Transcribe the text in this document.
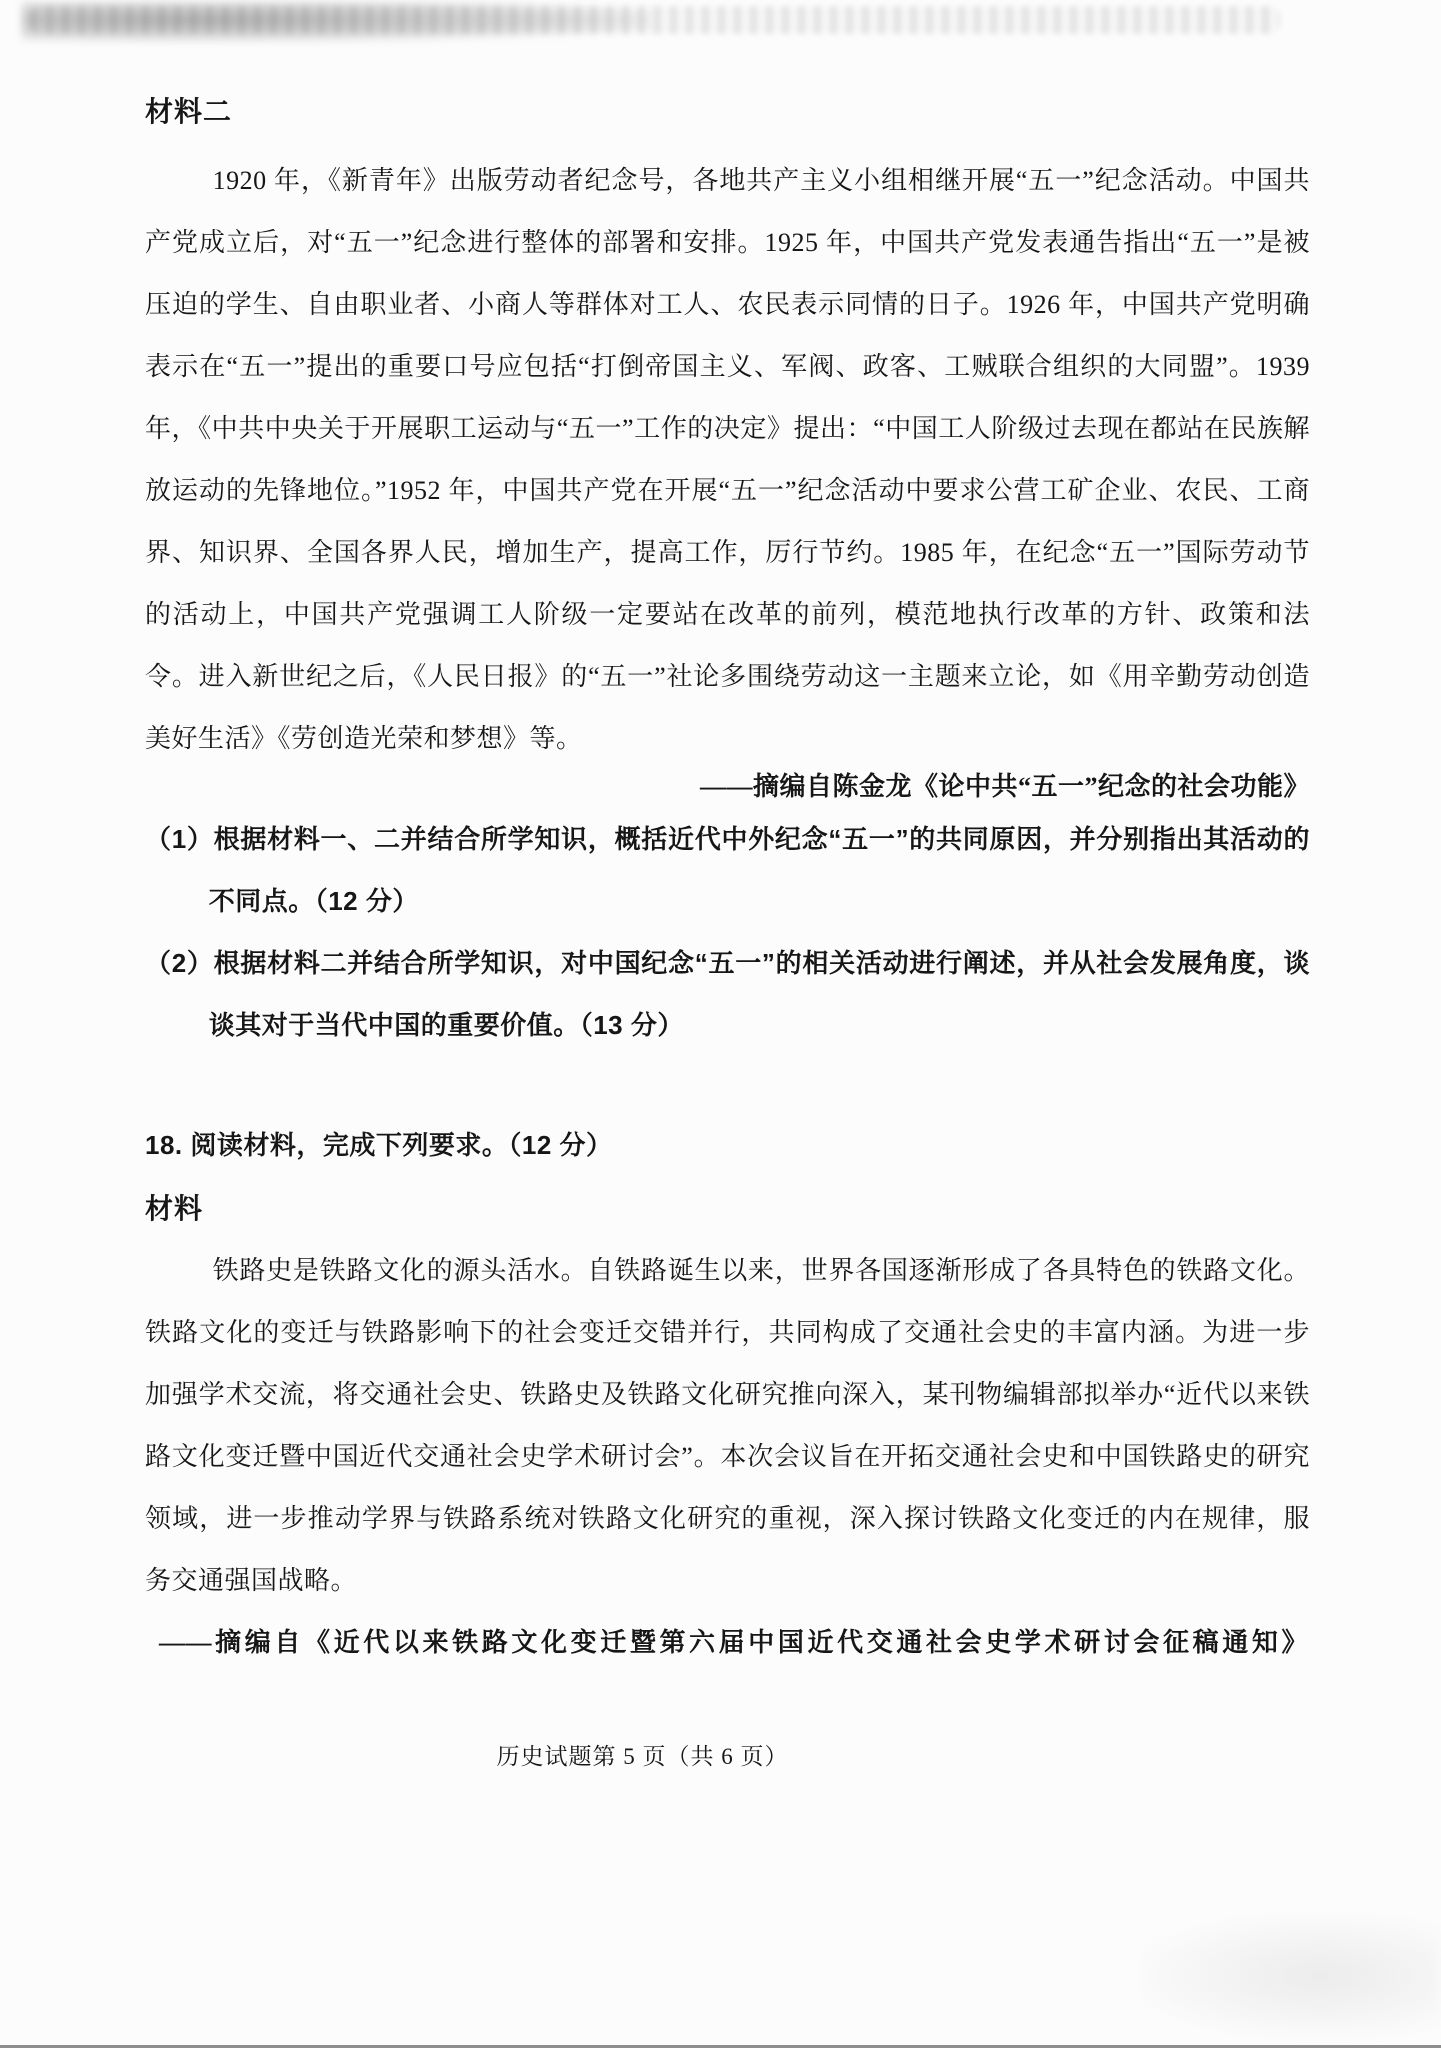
材料二
1920 年，《新青年》出版劳动者纪念号，各地共产主义小组相继开展“五一”纪念活动。中国共产党成立后，对“五一”纪念进行整体的部署和安排。1925 年，中国共产党发表通告指出“五一”是被压迫的学生、自由职业者、小商人等群体对工人、农民表示同情的日子。1926 年，中国共产党明确表示在“五一”提出的重要口号应包括“打倒帝国主义、军阀、政客、工贼联合组织的大同盟”。1939 年，《中共中央关于开展职工运动与“五一”工作的决定》提出：“中国工人阶级过去现在都站在民族解放运动的先锋地位。”1952 年，中国共产党在开展“五一”纪念活动中要求公营工矿企业、农民、工商界、知识界、全国各界人民，增加生产，提高工作，厉行节约。1985 年，在纪念“五一”国际劳动节的活动上，中国共产党强调工人阶级一定要站在改革的前列，模范地执行改革的方针、政策和法令。进入新世纪之后，《人民日报》的“五一”社论多围绕劳动这一主题来立论，如《用辛勤劳动创造美好生活》《劳创造光荣和梦想》等。
——摘编自陈金龙《论中共“五一”纪念的社会功能》
（1）根据材料一、二并结合所学知识，概括近代中外纪念“五一”的共同原因，并分别指出其活动的不同点。（12 分）
（2）根据材料二并结合所学知识，对中国纪念“五一”的相关活动进行阐述，并从社会发展角度，谈谈其对于当代中国的重要价值。（13 分）
18. 阅读材料，完成下列要求。（12 分）
材料
铁路史是铁路文化的源头活水。自铁路诞生以来，世界各国逐渐形成了各具特色的铁路文化。铁路文化的变迁与铁路影响下的社会变迁交错并行，共同构成了交通社会史的丰富内涵。为进一步加强学术交流，将交通社会史、铁路史及铁路文化研究推向深入，某刊物编辑部拟举办“近代以来铁路文化变迁暨中国近代交通社会史学术研讨会”。本次会议旨在开拓交通社会史和中国铁路史的研究领域，进一步推动学界与铁路系统对铁路文化研究的重视，深入探讨铁路文化变迁的内在规律，服务交通强国战略。
——摘编自《近代以来铁路文化变迁暨第六届中国近代交通社会史学术研讨会征稿通知》
历史试题第 5 页（共 6 页）
